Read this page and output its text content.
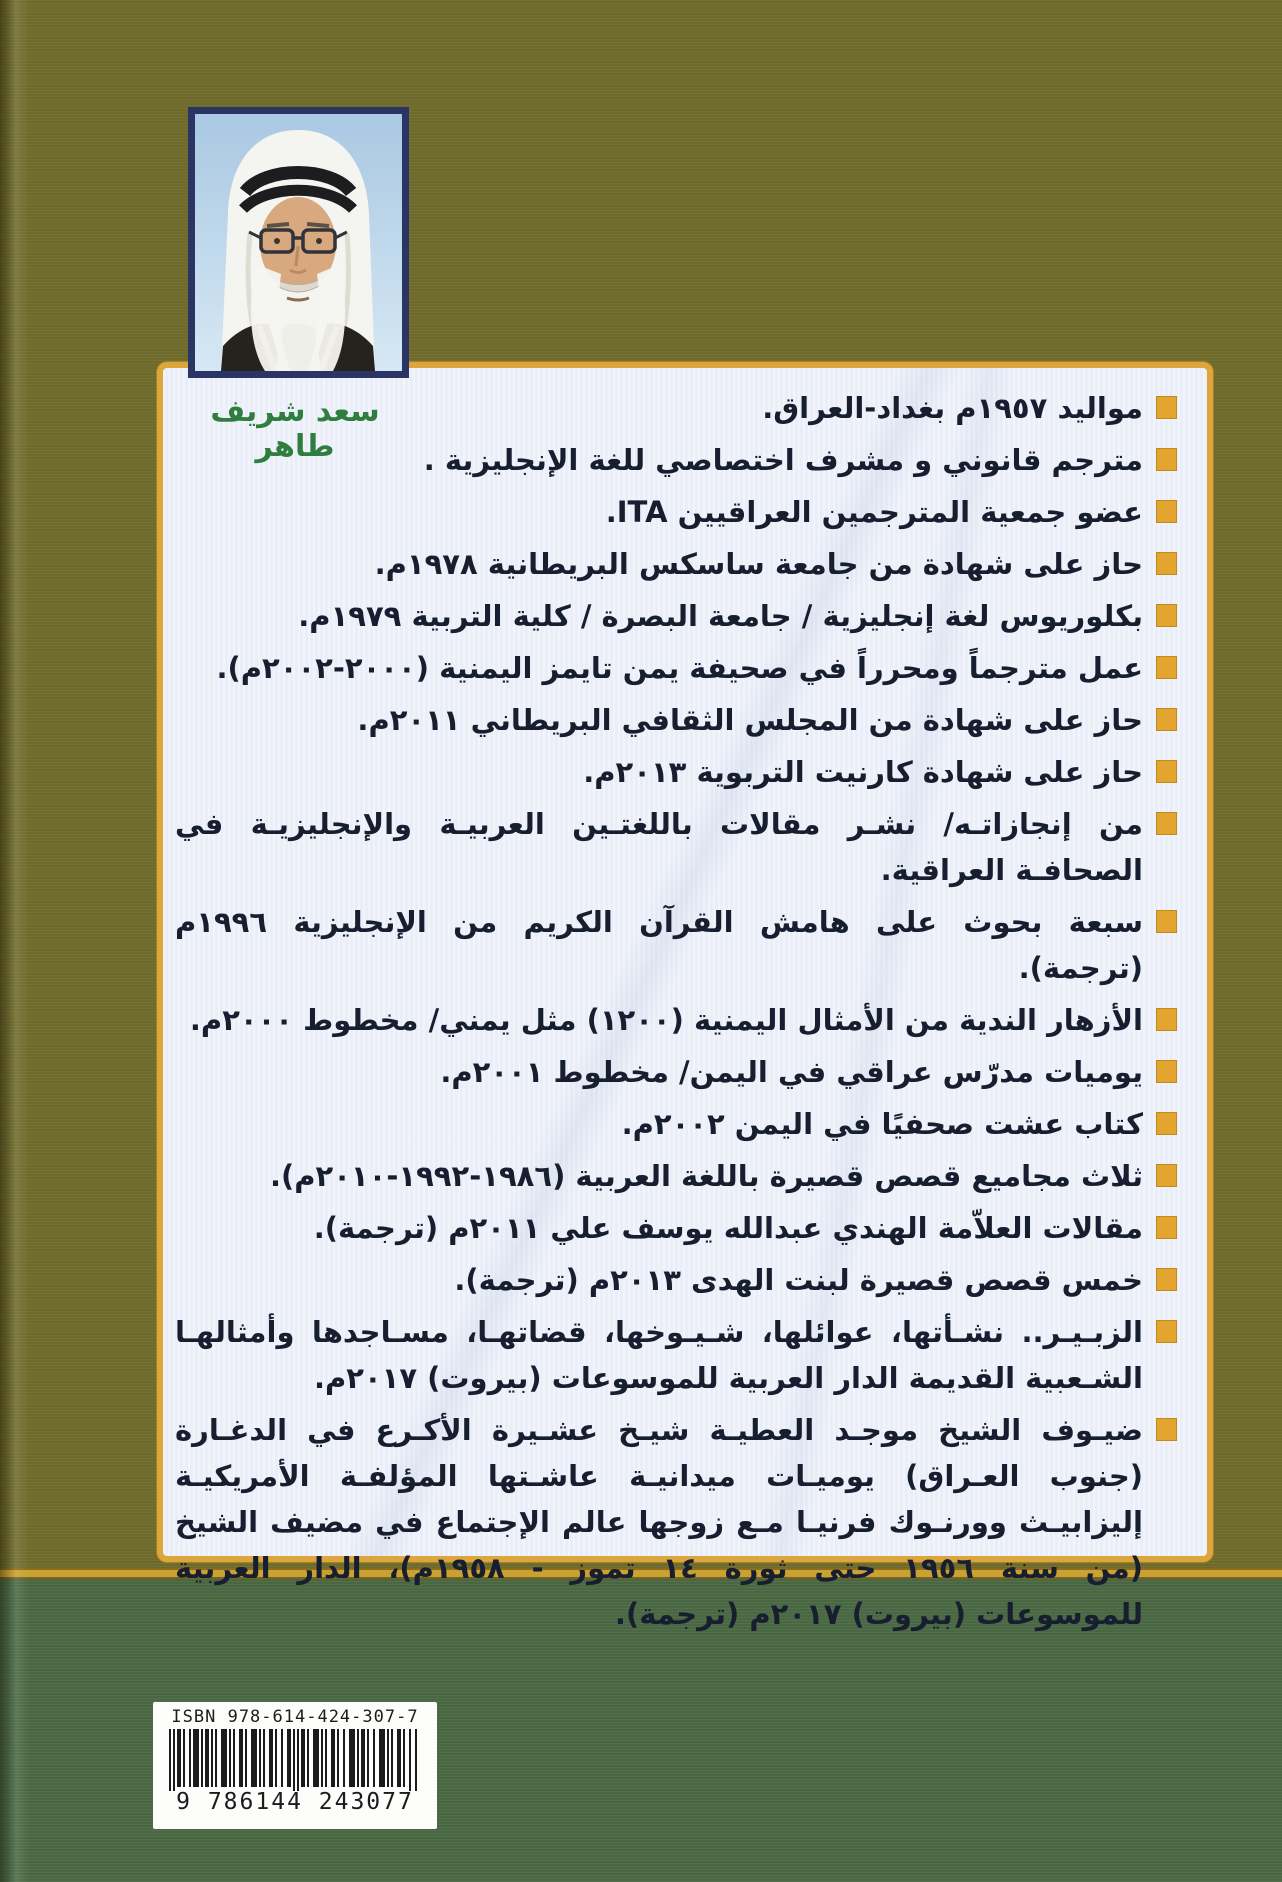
مواليد ١٩٥٧م بغداد-العراق.
مترجم قانوني و مشرف اختصاصي للغة الإنجليزية .
عضو جمعية المترجمين العراقيين ITA.
حاز على شهادة من جامعة ساسكس البريطانية ١٩٧٨م.
بكلوريوس لغة إنجليزية / جامعة البصرة / كلية التربية ١٩٧٩م.
عمل مترجماً ومحرراً في صحيفة يمن تايمز اليمنية (٢٠٠٠-٢٠٠٢م).
حاز على شهادة من المجلس الثقافي البريطاني ٢٠١١م.
حاز على شهادة كارنيت التربوية ٢٠١٣م.
من إنجازاتـه/ نشـر مقالات باللغتـين العربيـة والإنجليزيـة في الصحافـة العراقية.
سبعة بحوث على هامش القرآن الكريم من الإنجليزية ١٩٩٦م (ترجمة).
الأزهار الندية من الأمثال اليمنية (١٢٠٠) مثل يمني/ مخطوط ٢٠٠٠م.
يوميات مدرّس عراقي في اليمن/ مخطوط ٢٠٠١م.
كتاب عشت صحفيًا في اليمن ٢٠٠٢م.
ثلاث مجاميع قصص قصيرة باللغة العربية (١٩٨٦-١٩٩٢-٢٠١٠م).
مقالات العلاّمة الهندي عبدالله يوسف علي ٢٠١١م (ترجمة).
خمس قصص قصيرة لبنت الهدى ٢٠١٣م (ترجمة).
الزبـيـر.. نشـأتها، عوائلها، شـيـوخها، قضاتهـا، مسـاجدها وأمثالهـا الشـعبية القديمة الدار العربية للموسوعات (بيروت) ٢٠١٧م.
ضيـوف الشيخ موجـد العطيـة شيـخ عشـيرة الأكـرع في الدغـارة (جنوب العـراق) يوميـات ميدانيـة عاشـتها المؤلفـة الأمريكيـة إليزابيـث وورنـوك فرنيـا مـع زوجها عالم الإجتماع في مضيف الشيخ (من سنة ١٩٥٦ حتى ثورة ١٤ تموز - ١٩٥٨م)، الدار العربية للموسوعات (بيروت) ٢٠١٧م (ترجمة).
سعد شريف طاهر
ISBN 978-614-424-307-7
9 786144 243077
